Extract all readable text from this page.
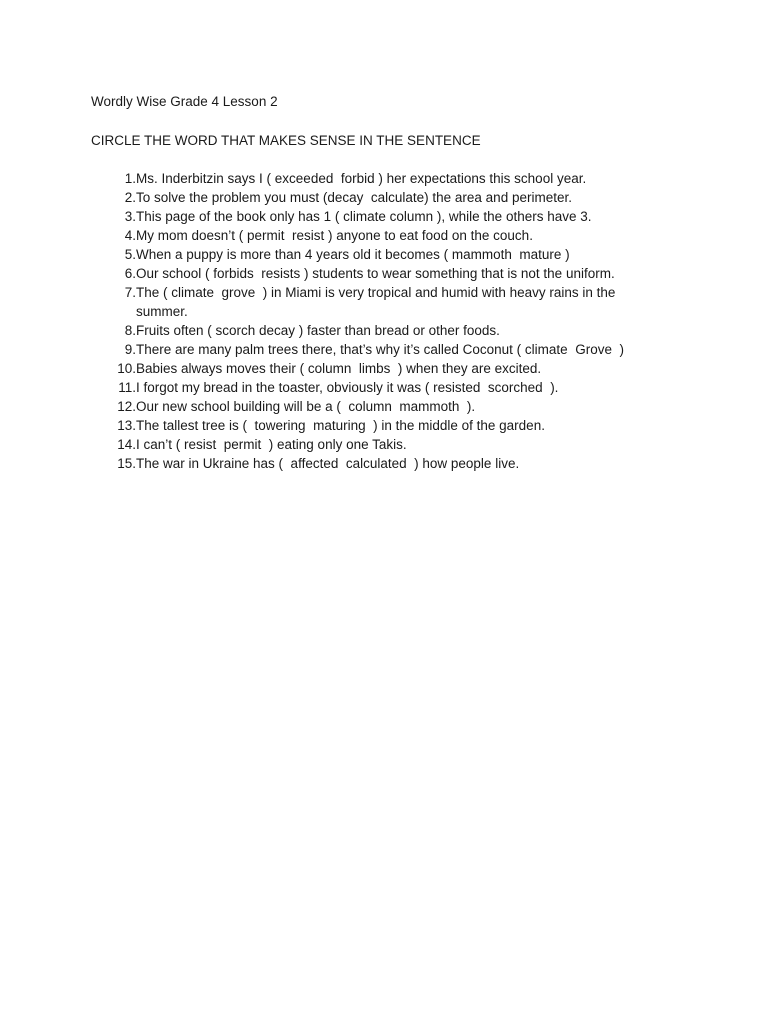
Wordly Wise Grade 4 Lesson 2
CIRCLE THE WORD THAT MAKES SENSE IN THE SENTENCE
1. Ms. Inderbitzin says I ( exceeded  forbid ) her expectations this school year.
2. To solve the problem you must (decay  calculate) the area and perimeter.
3. This page of the book only has 1 ( climate column ), while the others have 3.
4. My mom doesn’t ( permit  resist ) anyone to eat food on the couch.
5. When a puppy is more than 4 years old it becomes ( mammoth  mature )
6. Our school ( forbids  resists ) students to wear something that is not the uniform.
7. The ( climate  grove  ) in Miami is very tropical and humid with heavy rains in the summer.
8. Fruits often ( scorch decay ) faster than bread or other foods.
9. There are many palm trees there, that’s why it’s called Coconut ( climate  Grove  )
10. Babies always moves their ( column  limbs  ) when they are excited.
11. I forgot my bread in the toaster, obviously it was ( resisted  scorched  ).
12. Our new school building will be a (  column  mammoth  ).
13. The tallest tree is (  towering  maturing  ) in the middle of the garden.
14. I can’t ( resist  permit  ) eating only one Takis.
15. The war in Ukraine has (  affected  calculated  ) how people live.
